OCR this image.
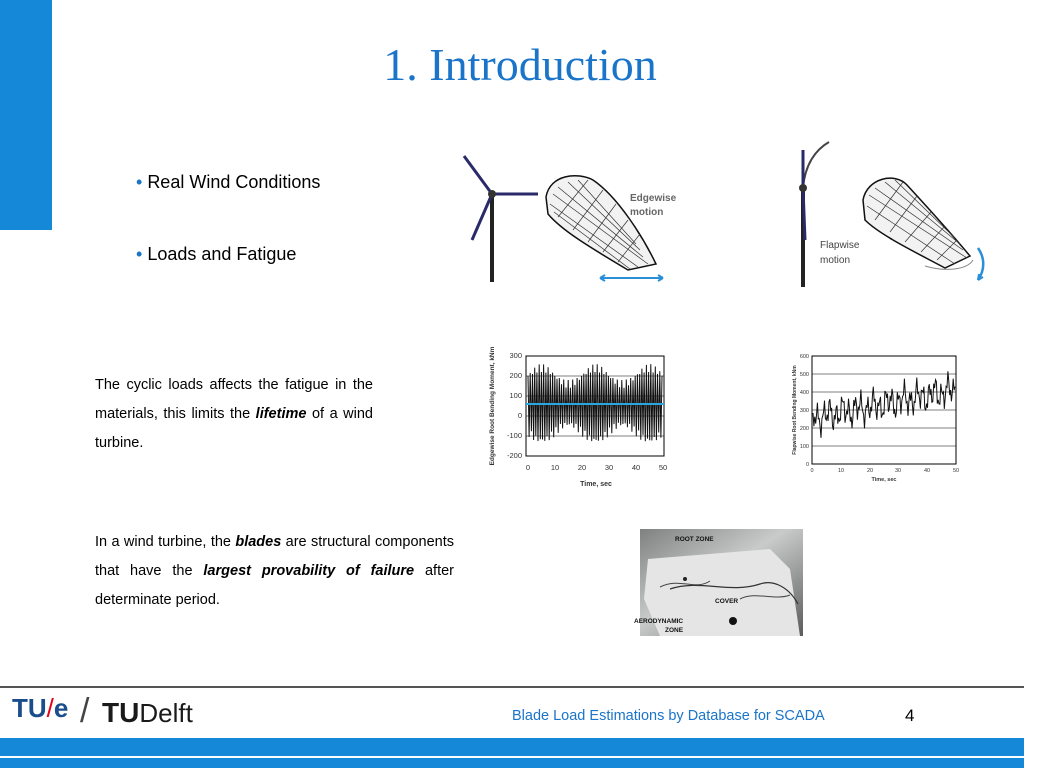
1. Introduction
• Real Wind Conditions
• Loads and Fatigue
The cyclic loads affects the fatigue in the materials, this limits the lifetime of a wind turbine.
In a wind turbine, the blades are structural components that have the largest provability of failure after determinate period.
Edgewise
motion
Flapwise
motion
300
200
100
0
-100
-200
0	10 20 30 40 50
Time, sec
Edgewise Root Bending Moment, kNm	600
500
400
300
200
100
0
0	10	20	30	40	50
Time, sec
Flapwise Root Bending Moment, kNm
ROOT ZONE
COVER
AERODYNAMIC
ZONE
TU/e / TUDelft	Blade Load Estimations by Database for SCADA	4
